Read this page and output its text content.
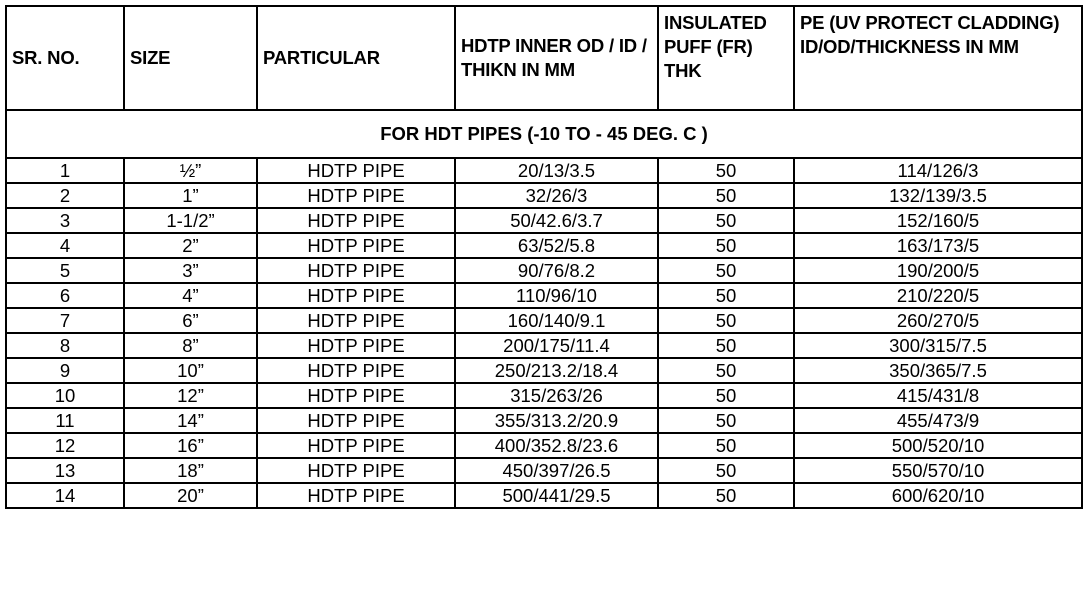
SR. NO.	SIZE	PARTICULAR	HDTP INNER OD / ID / THIKN IN MM	INSULATED PUFF (FR) THK	PE (UV PROTECT CLADDING) ID/OD/THICKNESS IN MM
FOR HDT PIPES (-10 TO - 45 DEG. C )					
1	½”	HDTP PIPE	20/13/3.5	50	114/126/3
2	1”	HDTP PIPE	32/26/3	50	132/139/3.5
3	1-1/2”	HDTP PIPE	50/42.6/3.7	50	152/160/5
4	2”	HDTP PIPE	63/52/5.8	50	163/173/5
5	3”	HDTP PIPE	90/76/8.2	50	190/200/5
6	4”	HDTP PIPE	110/96/10	50	210/220/5
7	6”	HDTP PIPE	160/140/9.1	50	260/270/5
8	8”	HDTP PIPE	200/175/11.4	50	300/315/7.5
9	10”	HDTP PIPE	250/213.2/18.4	50	350/365/7.5
10	12”	HDTP PIPE	315/263/26	50	415/431/8
11	14”	HDTP PIPE	355/313.2/20.9	50	455/473/9
12	16”	HDTP PIPE	400/352.8/23.6	50	500/520/10
13	18”	HDTP PIPE	450/397/26.5	50	550/570/10
14	20”	HDTP PIPE	500/441/29.5	50	600/620/10
